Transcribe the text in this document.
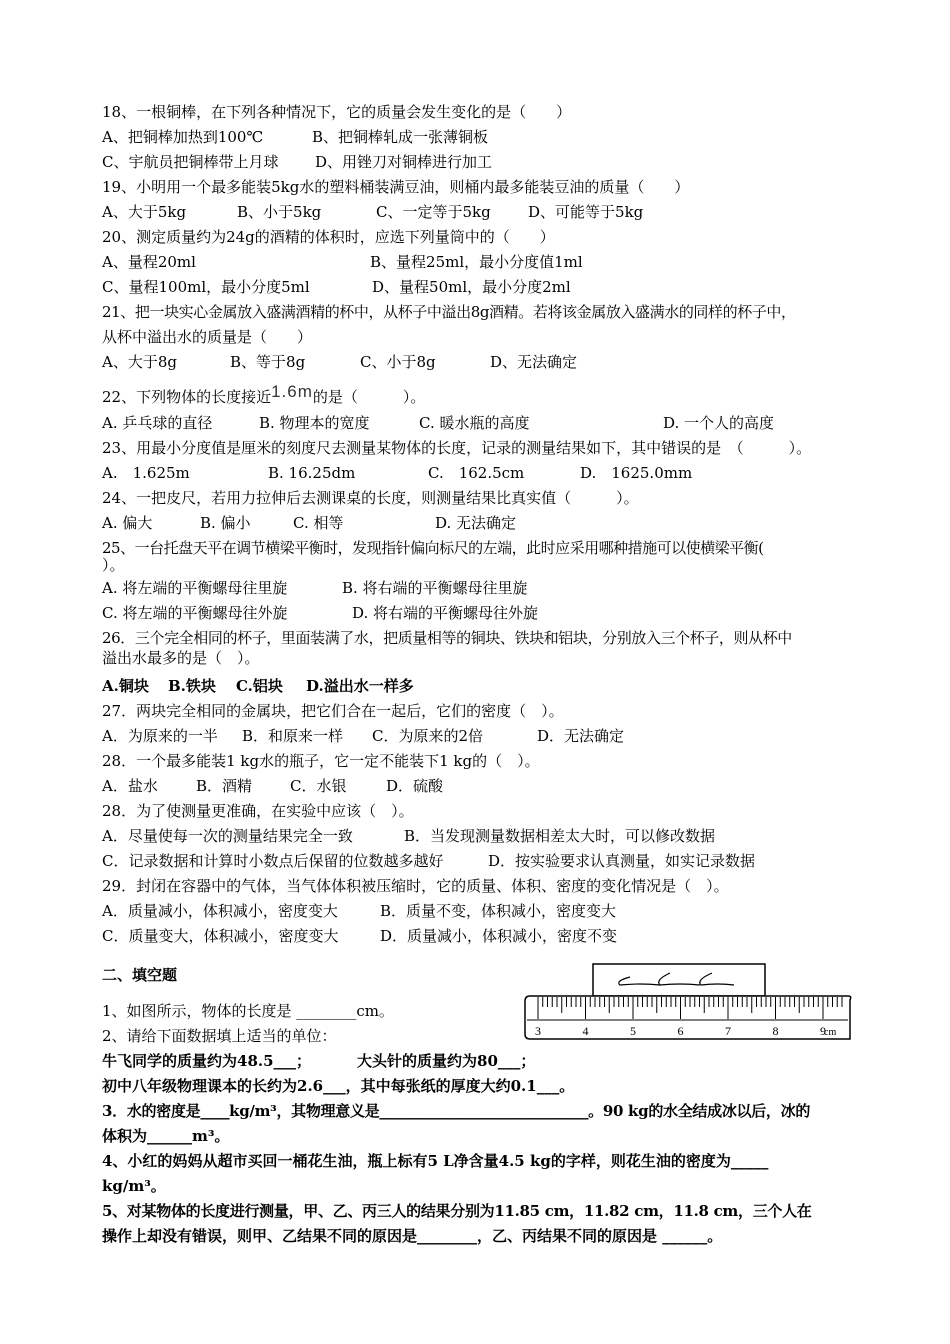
18、一根铜棒，在下列各种情况下，它的质量会发生变化的是（　　）
A、把铜棒加热到100℃	B、把铜棒轧成一张薄铜板
C、宇航员把铜棒带上月球 D、用锉刀对铜棒进行加工
19、小明用一个最多能装5kg水的塑料桶装满豆油，则桶内最多能装豆油的质量（　　）
A、大于5kg	B、小于5kg	C、一定等于5kg D、可能等于5kg
20、测定质量约为24g的酒精的体积时，应选下列量筒中的（　　）
A、量程20ml	B、量程25ml，最小分度值1ml
C、量程100ml，最小分度5ml	D、量程50ml，最小分度2ml
21、把一块实心金属放入盛满酒精的杯中，从杯子中溢出8g酒精。若将该金属放入盛满水的同样的杯子中，
从杯中溢出水的质量是（　　）
A、大于8g	B、等于8g	C、小于8g	D、无法确定
22、下列物体的长度接近1.6m的是（　　　）。
A. 乒乓球的直径	B. 物理本的宽度	C. 暖水瓶的高度	D. 一个人的高度
23、用最小分度值是厘米的刻度尺去测量某物体的长度，记录的测量结果如下，其中错误的是　（　　　）。
A.　1.625m	B. 16.25dm	C.　162.5cm	D.　1625.0mm
24、一把皮尺，若用力拉伸后去测课桌的长度，则测量结果比真实值（　　　）。
A. 偏大	B. 偏小	C. 相等	D. 无法确定
25、一台托盘天平在调节横梁平衡时，发现指针偏向标尺的左端，此时应采用哪种措施可以使横梁平衡(
）。
A. 将左端的平衡螺母往里旋	B. 将右端的平衡螺母往里旋
C. 将左端的平衡螺母往外旋	D. 将右端的平衡螺母往外旋
26．三个完全相同的杯子，里面装满了水，把质量相等的铜块、铁块和铝块，分别放入三个杯子，则从杯中
溢出水最多的是（　）。
A.铜块 B.铁块 C.铝块 D.溢出水一样多
27．两块完全相同的金属块，把它们合在一起后，它们的密度（　）。
A．为原来的一半 B．和原来一样 C．为原来的2倍	D．无法确定
28．一个最多能装1 kg水的瓶子，它一定不能装下1 kg的（　）。
A．盐水	B．酒精	C．水银	D．硫酸
28．为了使测量更准确，在实验中应该（　）。
A．尽量使每一次的测量结果完全一致	B．当发现测量数据相差太大时，可以修改数据
C．记录数据和计算时小数点后保留的位数越多越好	D．按实验要求认真测量，如实记录数据
29．封闭在容器中的气体，当气体体积被压缩时，它的质量、体积、密度的变化情况是（　）。
A．质量减小，体积减小，密度变大	B．质量不变，体积减小，密度变大
C．质量变大，体积减小，密度变大	D．质量减小，体积减小，密度不变
二、填空题
1、如图所示，物体的长度是 ________cm。
2、请给下面数据填上适当的单位：
牛飞同学的质量约为48.5___；	大头针的质量约为80___；
初中八年级物理课本的长约为2.6___，其中每张纸的厚度大约0.1___。
3．水的密度是____kg/m³，其物理意义是_____________________________。90 kg的水全结成冰以后，冰的
体积为______m³。
4、小红的妈妈从超市买回一桶花生油，瓶上标有5 L净含量4.5 kg的字样，则花生油的密度为_____
kg/m³。
5、对某物体的长度进行测量，甲、乙、丙三人的结果分别为11.85 cm，11.82 cm，11.8 cm，三个人在
操作上却没有错误，则甲、乙结果不同的原因是________，乙、丙结果不同的原因是 ______。
3	4	5	6	7	8	9
cm
